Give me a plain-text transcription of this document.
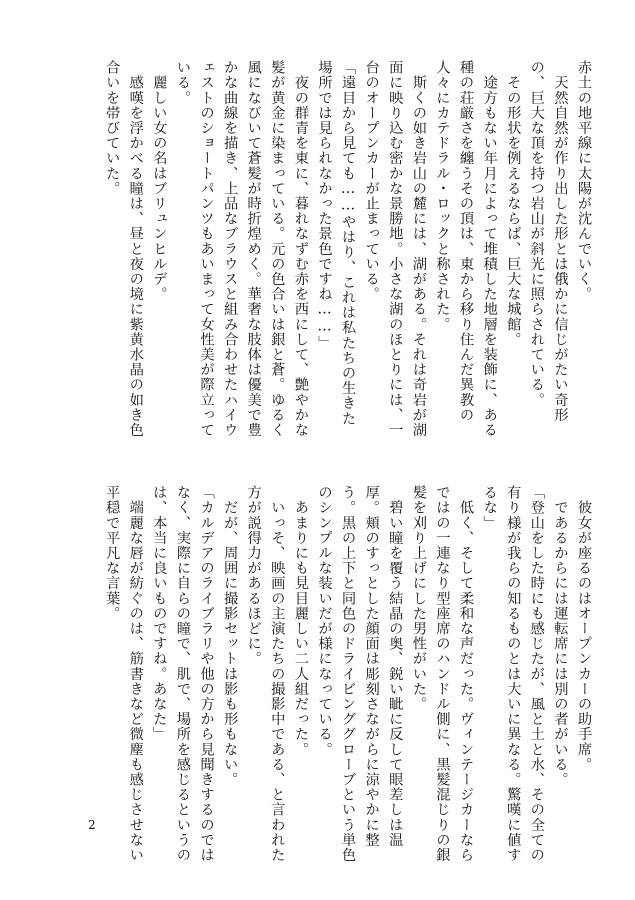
赤土の地平線に太陽が沈んでいく。

　天然自然が作り出した形とは俄かに信じがたい奇形の、巨大な頂を持つ岩山が斜光に照らされている。

　その形状を例えるならば、巨大な城館。

　途方もない年月によって堆積した地層を装飾に、ある種の荘厳さを纏うその頂は、東から移り住んだ異教の人々にカテドラル・ロックと称された。

　斯くの如き岩山の麓には、湖がある。それは奇岩が湖面に映り込む密かな景勝地。小さな湖のほとりには、一台のオープンカーが止まっている。

「遠目から見ても……やはり、これは私たちの生きた場所では見られなかった景色ですね……」

　夜の群青を東に、暮れなずむ赤を西にして、艶やかな髪が黄金に染まっている。元の色合いは銀と蒼。ゆるく風になびいて蒼髪が時折煌めく。華奢な肢体は優美で豊かな曲線を描き、上品なブラウスと組み合わせたハイウェストのショートパンツもあいまって女性美が際立っている。

　麗しい女の名はブリュンヒルデ。

　感嘆を浮かべる瞳は、昼と夜の境に紫黄水晶の如き色合いを帯びていた。

　彼女が座るのはオープンカーの助手席。

　であるからには運転席には別の者がいる。

「登山をした時にも感じたが、風と土と水、その全ての有り様が我らの知るものとは大いに異なる。驚嘆に値するな」

　低く、そして柔和な声だった。ヴィンテージカーならではの一連なり型座席のハンドル側に、黒髪混じりの銀髪を刈り上げにした男性がいた。

　碧い瞳を覆う結晶の奥、鋭い眦に反して眼差しは温厚。頬のすっとした顔面は彫刻さながらに涼やかに整う。黒の上下と同色のドライビンググローブという単色のシンプルな装いだが様になっている。

　あまりにも見目麗しい二人組だった。

　いっそ、映画の主演たちの撮影中である、と言われた方が説得力があるほどに。

　だが、周囲に撮影セットは影も形もない。

「カルデアのライブラリや他の方から見聞きするのではなく、実際に自らの瞳で、肌で、場所を感じるというのは、本当に良いものですね。あなた」

　端麗な唇が紡ぐのは、筋書きなど微塵も感じさせない平穏で平凡な言葉。

2
